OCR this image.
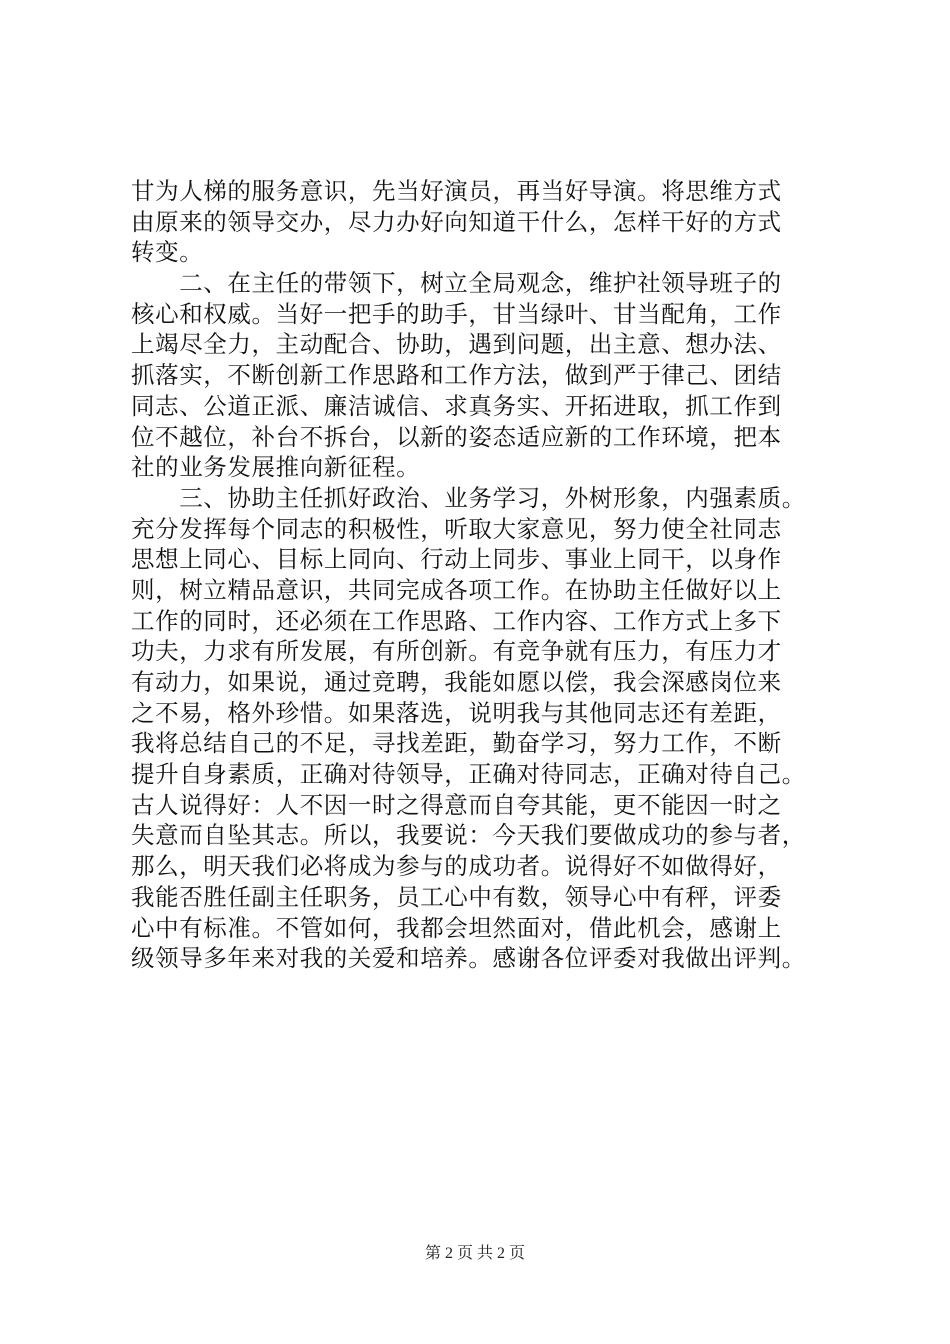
甘为人梯的服务意识，先当好演员，再当好导演。将思维方式
由原来的领导交办，尽力办好向知道干什么，怎样干好的方式
转变。
　　二、在主任的带领下，树立全局观念，维护社领导班子的
核心和权威。当好一把手的助手，甘当绿叶、甘当配角，工作
上竭尽全力，主动配合、协助，遇到问题，出主意、想办法、
抓落实，不断创新工作思路和工作方法，做到严于律己、团结
同志、公道正派、廉洁诚信、求真务实、开拓进取，抓工作到
位不越位，补台不拆台，以新的姿态适应新的工作环境，把本
社的业务发展推向新征程。
　　三、协助主任抓好政治、业务学习，外树形象，内强素质。
充分发挥每个同志的积极性，听取大家意见，努力使全社同志
思想上同心、目标上同向、行动上同步、事业上同干，以身作
则，树立精品意识，共同完成各项工作。在协助主任做好以上
工作的同时，还必须在工作思路、工作内容、工作方式上多下
功夫，力求有所发展，有所创新。有竞争就有压力，有压力才
有动力，如果说，通过竞聘，我能如愿以偿，我会深感岗位来
之不易，格外珍惜。如果落选，说明我与其他同志还有差距，
我将总结自己的不足，寻找差距，勤奋学习，努力工作，不断
提升自身素质，正确对待领导，正确对待同志，正确对待自己。
古人说得好：人不因一时之得意而自夸其能，更不能因一时之
失意而自坠其志。所以，我要说：今天我们要做成功的参与者，
那么，明天我们必将成为参与的成功者。说得好不如做得好，
我能否胜任副主任职务，员工心中有数，领导心中有秤，评委
心中有标准。不管如何，我都会坦然面对，借此机会，感谢上
级领导多年来对我的关爱和培养。感谢各位评委对我做出评判。
第 2 页 共 2 页
